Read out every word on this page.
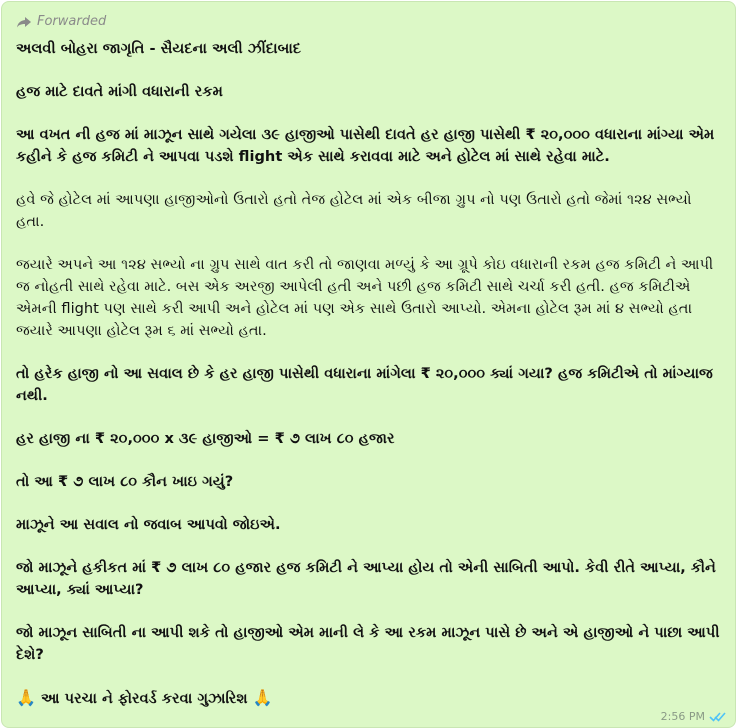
Forwarded

અલવી બોહરા જાગૃતિ - સૈયદના અલી ઝીંદાબાદ

હજ માટે દાવતે માંગી વધારાની રકમ

આ વખત ની હજ માં માઝૂન સાથે ગયેલા ૩૯ હાજીઓ પાસેથી દાવતે હર હાજી પાસેથી ₹ ૨૦,૦૦૦ વધારાના માંગ્યા એમ કહીને કે હજ કમિટી ને આપવા પડશે flight એક સાથે કરાવવા માટે અને હોટેલ માં સાથે રહેવા માટે.

હવે જે હોટેલ માં આપણા હાજીઓનો ઉતારો હતો તેજ હોટેલ માં એક બીજા ગ્રુપ નો પણ ઉતારો હતો જેમાં ૧૨૪ સભ્યો હતા.

જયારે અપને આ ૧૨૪ સભ્યો ના ગ્રુપ સાથે વાત કરી તો જાણવા મળ્યું કે આ ગ્રૂપે કોઇ વધારાની રકમ હજ કમિટી ને આપી જ નોહતી સાથે રહેવા માટે. બસ એક અરજી આપેલી હતી અને પછી હજ કમિટી સાથે ચર્ચા કરી હતી. હજ કમિટીએ એમની flight પણ સાથે કરી આપી અને હોટેલ માં પણ એક સાથે ઉતારો આપ્યો. એમના હોટેલ રૂમ માં ૪ સભ્યો હતા જયારે આપણા હોટેલ રૂમ ૬ માં સભ્યો હતા.

તો હરેક હાજી નો આ સવાલ છે કે હર હાજી પાસેથી વધારાના માંગેલા ₹ ૨૦,૦૦૦ ક્યાં ગયા? હજ કમિટીએ તો માંગ્યાજ નથી.

હર હાજી ના ₹ ૨૦,૦૦૦ x ૩૯ હાજીઓ = ₹ ૭ લાખ ૮૦ હજાર

તો આ ₹ ૭ લાખ ૮૦ કૌન ખાઇ ગયું?

માઝૂને આ સવાલ નો જવાબ આપવો જોઇએ.

જો માઝૂને હકીકત માં ₹ ૭ લાખ ૮૦ હજાર હજ કમિટી ને આપ્યા હોય તો એની સાબિતી આપો. કેવી રીતે આપ્યા, કૌને આપ્યા, ક્યાં આપ્યા?

જો માઝૂન સાબિતી ના આપી શકે તો હાજીઓ એમ માની લે કે આ રકમ માઝૂન પાસે છે અને એ હાજીઓ ને પાછા આપી દેશે?

🙏 આ પરચા ને ફોરવર્ડ કરવા ગુઝારિશ 🙏

2:56 PM
